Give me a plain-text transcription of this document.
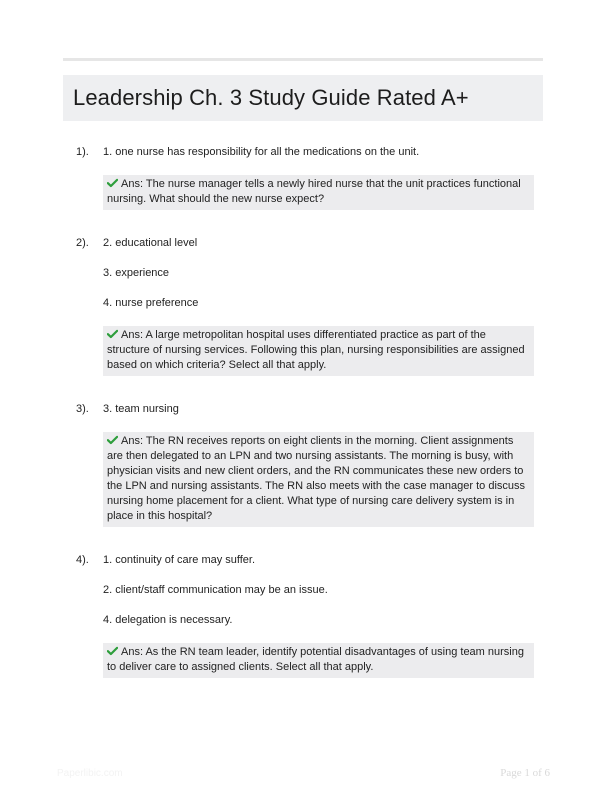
Leadership Ch. 3 Study Guide Rated A+
1). 1. one nurse has responsibility for all the medications on the unit.
Ans: The nurse manager tells a newly hired nurse that the unit practices functional nursing. What should the new nurse expect?
2). 2. educational level
3. experience
4. nurse preference
Ans: A large metropolitan hospital uses differentiated practice as part of the structure of nursing services. Following this plan, nursing responsibilities are assigned based on which criteria? Select all that apply.
3). 3. team nursing
Ans: The RN receives reports on eight clients in the morning. Client assignments are then delegated to an LPN and two nursing assistants. The morning is busy, with physician visits and new client orders, and the RN communicates these new orders to the LPN and nursing assistants. The RN also meets with the case manager to discuss nursing home placement for a client. What type of nursing care delivery system is in place in this hospital?
4). 1. continuity of care may suffer.
2. client/staff communication may be an issue.
4. delegation is necessary.
Ans: As the RN team leader, identify potential disadvantages of using team nursing to deliver care to assigned clients. Select all that apply.
Paperlibic.com	Page 1 of 6
